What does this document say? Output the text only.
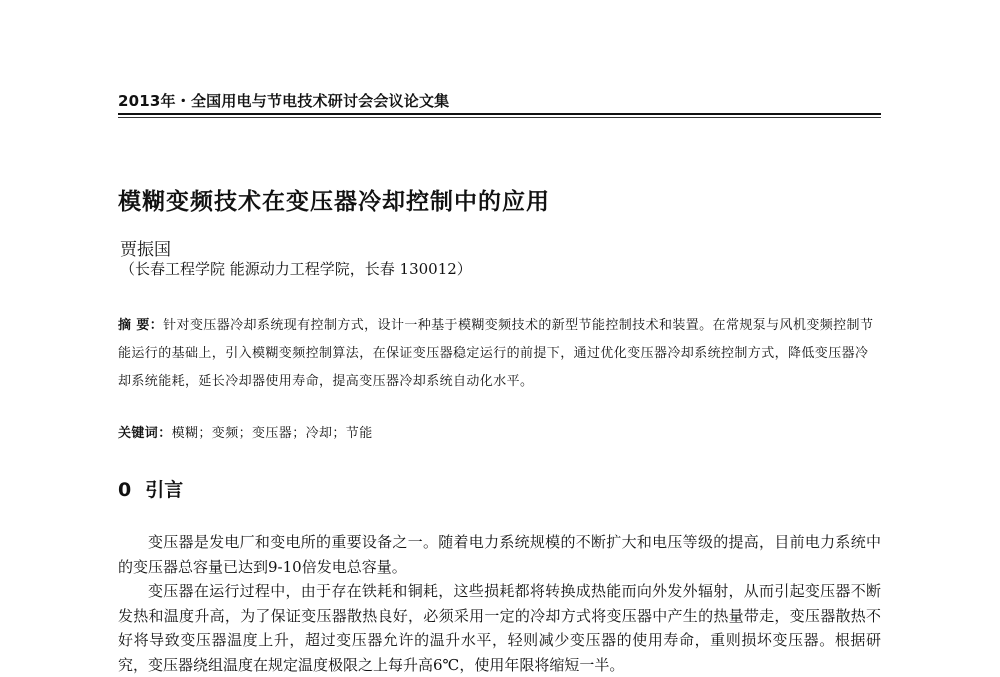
2013年・全国用电与节电技术研讨会会议论文集
模糊变频技术在变压器冷却控制中的应用
贾振国
（长春工程学院 能源动力工程学院，长春 130012）
摘 要：针对变压器冷却系统现有控制方式，设计一种基于模糊变频技术的新型节能控制技术和装置。在常规泵与风机变频控制节能运行的基础上，引入模糊变频控制算法，在保证变压器稳定运行的前提下，通过优化变压器冷却系统控制方式，降低变压器冷却系统能耗，延长冷却器使用寿命，提高变压器冷却系统自动化水平。
关键词：模糊；变频；变压器；冷却；节能
0 引言

变压器是发电厂和变电所的重要设备之一。随着电力系统规模的不断扩大和电压等级的提高，目前电力系统中的变压器总容量已达到9-10倍发电总容量。

变压器在运行过程中，由于存在铁耗和铜耗，这些损耗都将转换成热能而向外发外辐射，从而引起变压器不断发热和温度升高，为了保证变压器散热良好，必须采用一定的冷却方式将变压器中产生的热量带走，变压器散热不好将导致变压器温度上升，超过变压器允许的温升水平，轻则减少变压器的使用寿命，重则损坏变压器。根据研究，变压器绕组温度在规定温度极限之上每升高6℃，使用年限将缩短一半。
